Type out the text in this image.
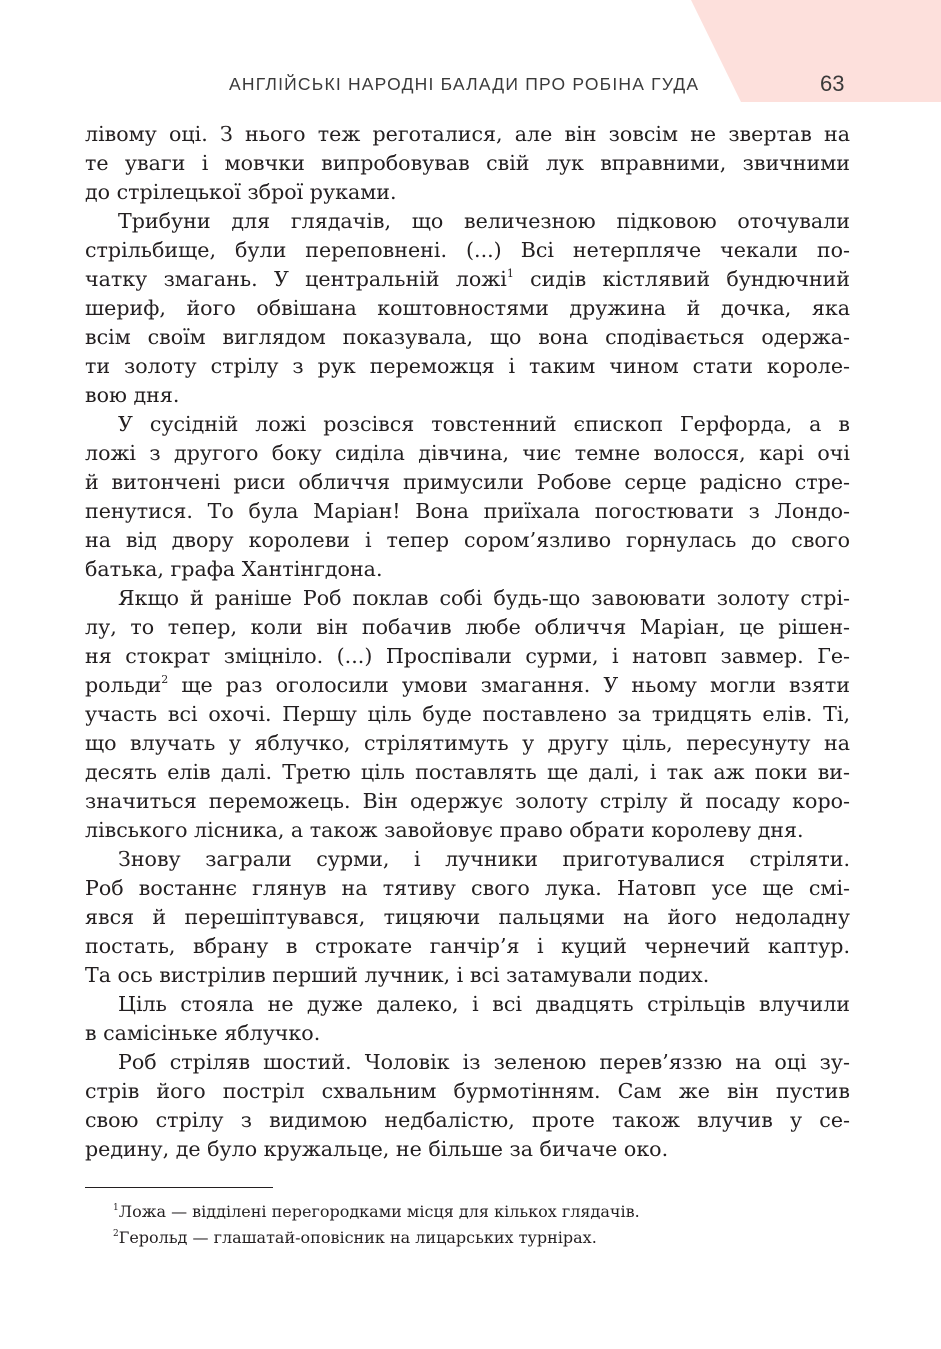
АНГЛІЙСЬКІ НАРОДНІ БАЛАДИ ПРО РОБІНА ГУДА	63
лівому оці. З нього теж реготалися, але він зовсім не звертав на
те уваги і мовчки випробовував свій лук вправними, звичними
до стрілецької зброї руками.
Трибуни для глядачів, що величезною підковою оточували
стрільбище, були переповнені. (...) Всі нетерпляче чекали по-
чатку змагань. У центральній ложі$^1$ сидів кістлявий бундючний
шериф, його обвішана коштовностями дружина й дочка, яка
всім своїм виглядом показувала, що вона сподівається одержа-
ти золоту стрілу з рук переможця і таким чином стати короле-
вою дня.
У сусідній ложі розсівся товстенний єпископ Герфорда, а в
ложі з другого боку сиділа дівчина, чиє темне волосся, карі очі
й витончені риси обличчя примусили Робове серце радісно стре-
пенутися. То була Маріан! Вона приїхала погостювати з Лондо-
на від двору королеви і тепер сором’язливо горнулась до свого
батька, графа Хантінгдона.
Якщо й раніше Роб поклав собі будь-що завоювати золоту стрі-
лу, то тепер, коли він побачив любе обличчя Маріан, це рішен-
ня стократ зміцніло. (...) Проспівали сурми, і натовп завмер. Ге-
рольди$^2$ ще раз оголосили умови змагання. У ньому могли взяти
участь всі охочі. Першу ціль буде поставлено за тридцять елів. Ті,
що влучать у яблучко, стрілятимуть у другу ціль, пересунуту на
десять елів далі. Третю ціль поставлять ще далі, і так аж поки ви-
значиться переможець. Він одержує золоту стрілу й посаду коро-
лівського лісника, а також завойовує право обрати королеву дня.
Знову заграли сурми, і лучники приготувалися стріляти.
Роб востаннє глянув на тятиву свого лука. Натовп усе ще смі-
явся й перешіптувався, тицяючи пальцями на його недоладну
постать, вбрану в строкате ганчір’я і куций чернечий каптур.
Та ось вистрілив перший лучник, і всі затамували подих.
Ціль стояла не дуже далеко, і всі двадцять стрільців влучили
в самісіньке яблучко.
Роб стріляв шостий. Чоловік із зеленою перев’яззю на оці зу-
стрів його постріл схвальним бурмотінням. Сам же він пустив
свою стрілу з видимою недбалістю, проте також влучив у се-
редину, де було кружальце, не більше за бичаче око.
$^1$Ложа — відділені перегородками місця для кількох глядачів.
$^2$Герольд — глашатай-оповісник на лицарських турнірах.
